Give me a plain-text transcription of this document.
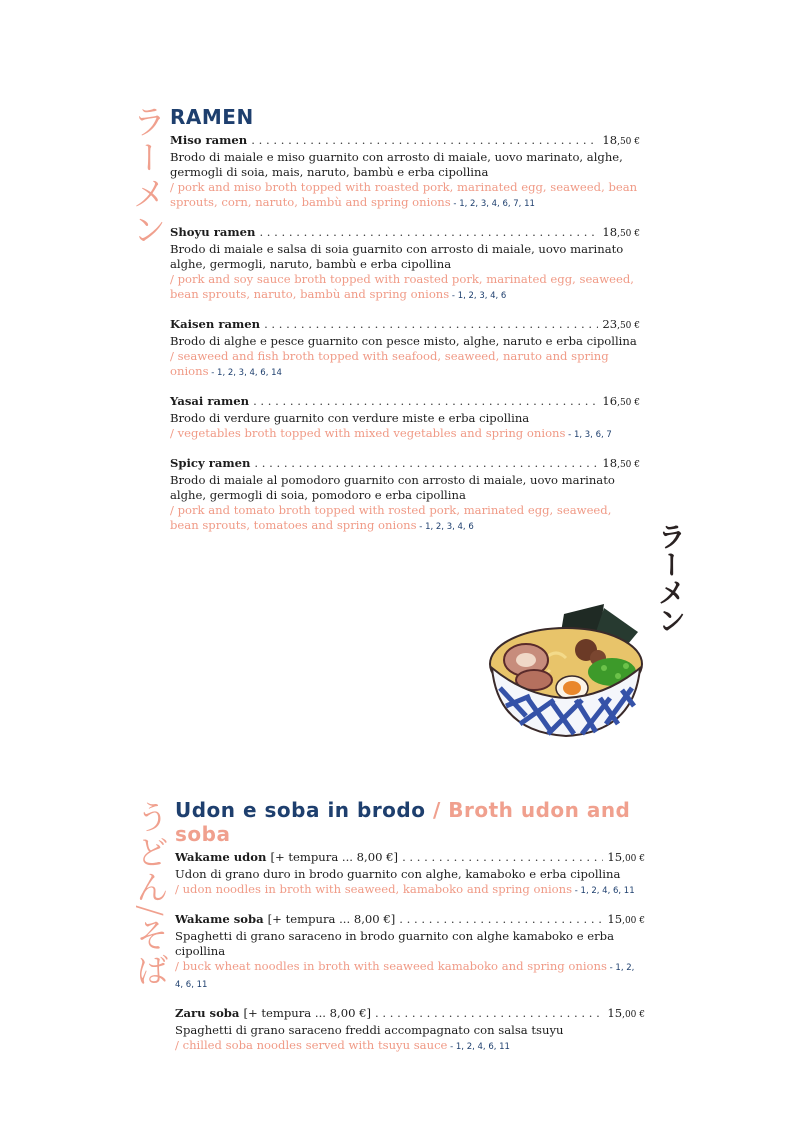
ラーメン RAMEN
Miso ramen . . .	18,50 €
Brodo di maiale e miso guarnito con arrosto di maiale, uovo marinato, alghe, germogli di soia, mais, naruto, bambù e erba cipollina
/ pork and miso broth topped with roasted pork, marinated egg, seaweed, bean sprouts, corn, naruto, bambù and spring onions - 1, 2, 3, 4, 6, 7, 11
Shoyu ramen . . .	18,50 €
Brodo di maiale e salsa di soia guarnito con arrosto di maiale, uovo marinato alghe, germogli, naruto, bambù e erba cipollina
/ pork and soy sauce broth topped with roasted pork, marinated egg, seaweed, bean sprouts, naruto, bambù and spring onions - 1, 2, 3, 4, 6
Kaisen ramen . . .	23,50 €
Brodo di alghe e pesce guarnito con pesce misto, alghe, naruto e erba cipollina
/ seaweed and fish broth topped with seafood, seaweed, naruto and spring onions - 1, 2, 3, 4, 6, 14
Yasai ramen . . .	16,50 €
Brodo di verdure guarnito con verdure miste e erba cipollina
/ vegetables broth topped with mixed vegetables and spring onions - 1, 3, 6, 7
Spicy ramen . . .	18,50 €
Brodo di maiale al pomodoro guarnito con arrosto di maiale, uovo marinato alghe, germogli di soia, pomodoro e erba cipollina
/ pork and tomato broth topped with rosted pork, marinated egg, seaweed, bean sprouts, tomatoes and spring onions - 1, 2, 3, 4, 6	ラーメン
うどん/そば Udon e soba in brodo / Broth udon and soba
Wakame udon [+ tempura ... 8,00 €] . . .	15,00 €
Udon di grano duro in brodo guarnito con alghe, kamaboko e erba cipollina
/ udon noodles in broth with seaweed, kamaboko and spring onions - 1, 2, 4, 6, 11
Wakame soba [+ tempura ... 8,00 €] . . .	15,00 €
Spaghetti di grano saraceno in brodo guarnito con alghe kamaboko e erba cipollina
/ buck wheat noodles in broth with seaweed kamaboko and spring onions - 1, 2, 4, 6, 11
Zaru soba [+ tempura ... 8,00 €] . . .	15,00 €
Spaghetti di grano saraceno freddi accompagnato con salsa tsuyu
/ chilled soba noodles served with tsuyu sauce - 1, 2, 4, 6, 11
